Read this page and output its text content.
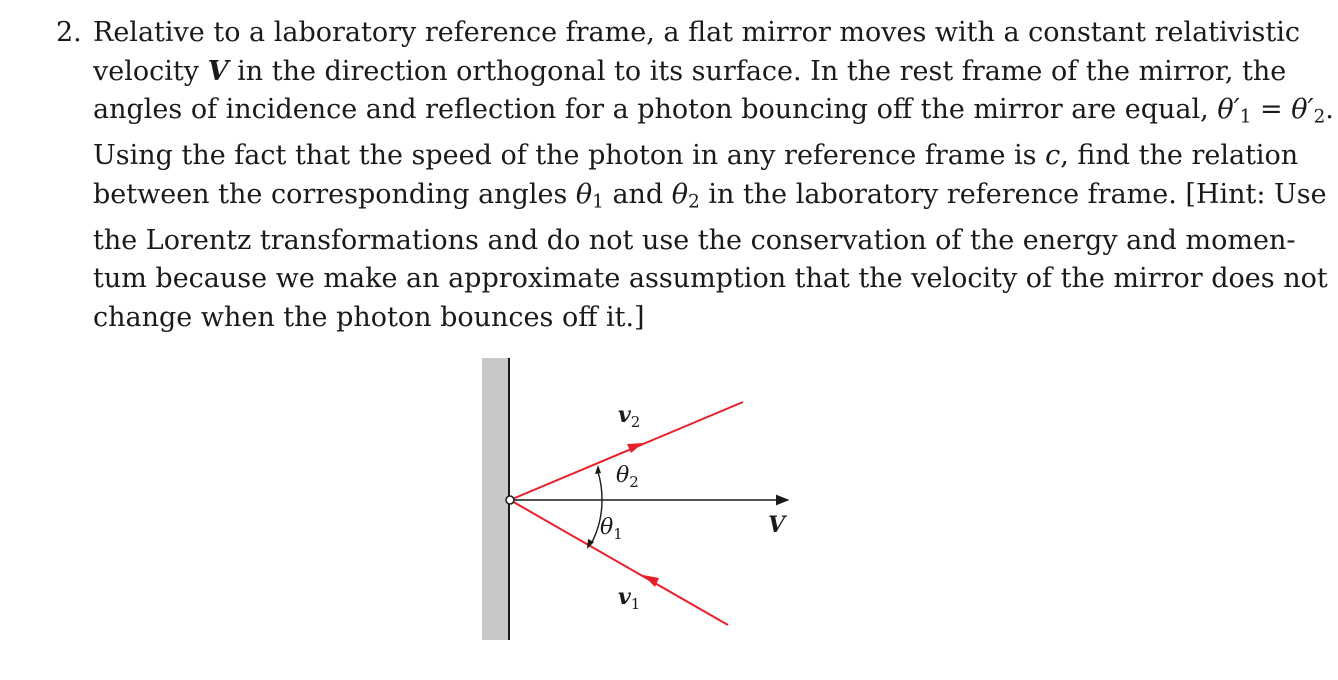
2. Relative to a laboratory reference frame, a flat mirror moves with a constant relativistic
velocity V in the direction orthogonal to its surface. In the rest frame of the mirror, the
angles of incidence and reflection for a photon bouncing off the mirror are equal, $\theta'_1 = \theta'_2$.
Using the fact that the speed of the photon in any reference frame is c, find the relation
between the corresponding angles $\theta_1$ and $\theta_2$ in the laboratory reference frame. [Hint: Use
the Lorentz transformations and do not use the conservation of the energy and momen-
tum because we make an approximate assumption that the velocity of the mirror does not
change when the photon bounces off it.]
$v_2$
$\theta_2$
$\theta_1$	V
$v_1$
